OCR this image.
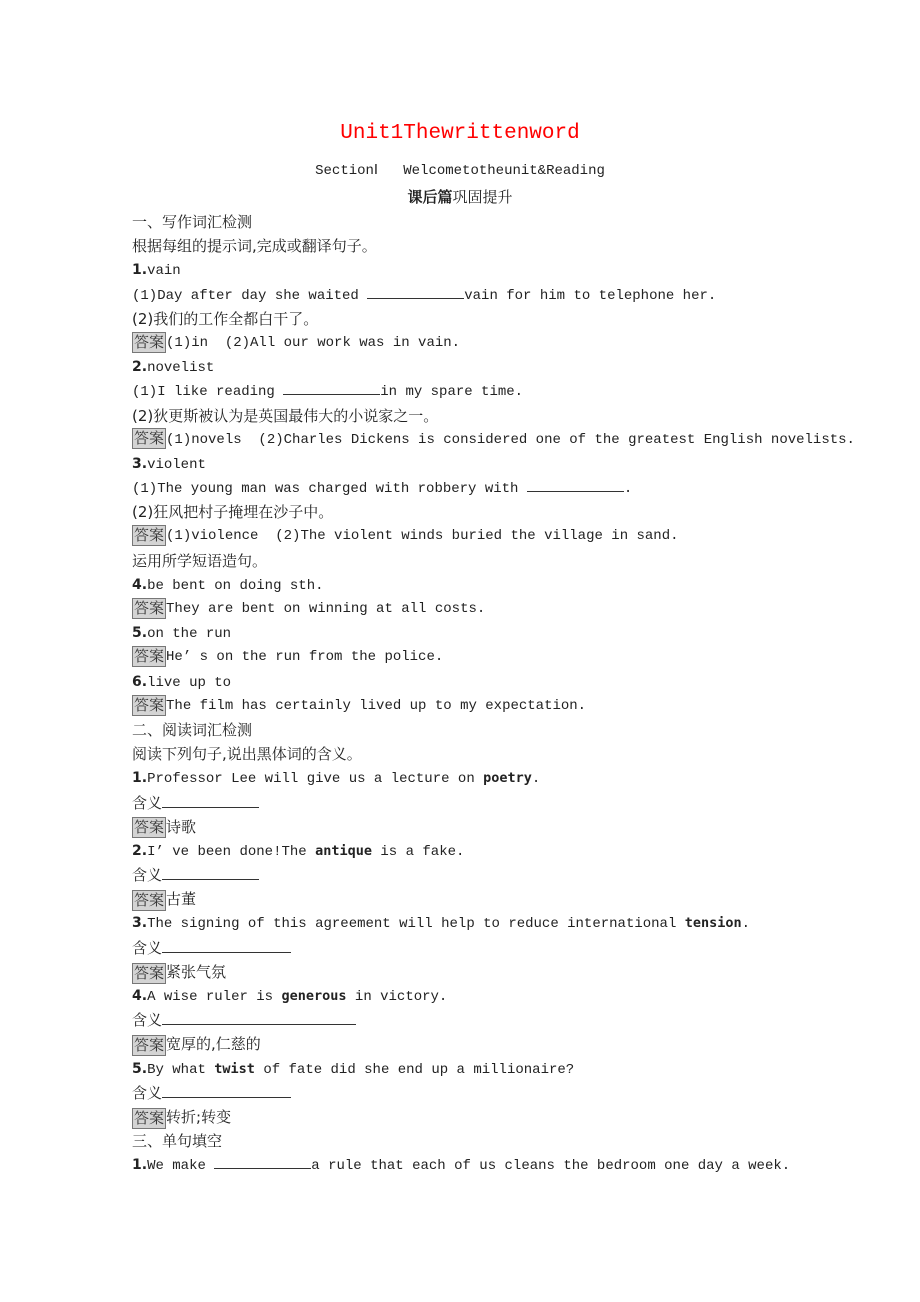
Unit1Thewrittenword
SectionⅠ   Welcometotheunit&Reading
课后篇巩固提升
一、写作词汇检测
根据每组的提示词,完成或翻译句子。
1.vain
(1)Day after day she waited	vain for him to telephone her.
(2)我们的工作全都白干了。
答案 (1)in  (2)All our work was in vain.
2.novelist
(1)I like reading	in my spare time.
(2)狄更斯被认为是英国最伟大的小说家之一。
答案 (1)novels  (2)Charles Dickens is considered one of the greatest English novelists.
3.violent
(1)The young man was charged with robbery with	.
(2)狂风把村子掩埋在沙子中。
答案 (1)violence  (2)The violent winds buried the village in sand.
运用所学短语造句。
4.be bent on doing sth.
答案 They are bent on winning at all costs.
5.on the run
答案 He’ s on the run from the police.
6.live up to
答案 The film has certainly lived up to my expectation.
二、阅读词汇检测
阅读下列句子,说出黑体词的含义。
1.Professor Lee will give us a lecture on poetry.
含义
答案 诗歌
2.I’ ve been done!The antique is a fake.
含义
答案 古董
3.The signing of this agreement will help to reduce international tension.
含义
答案 紧张气氛
4.A wise ruler is generous in victory.
含义
答案 宽厚的,仁慈的
5.By what twist of fate did she end up a millionaire?
含义
答案 转折;转变
三、单句填空
1.We make	a rule that each of us cleans the bedroom one day a week.
